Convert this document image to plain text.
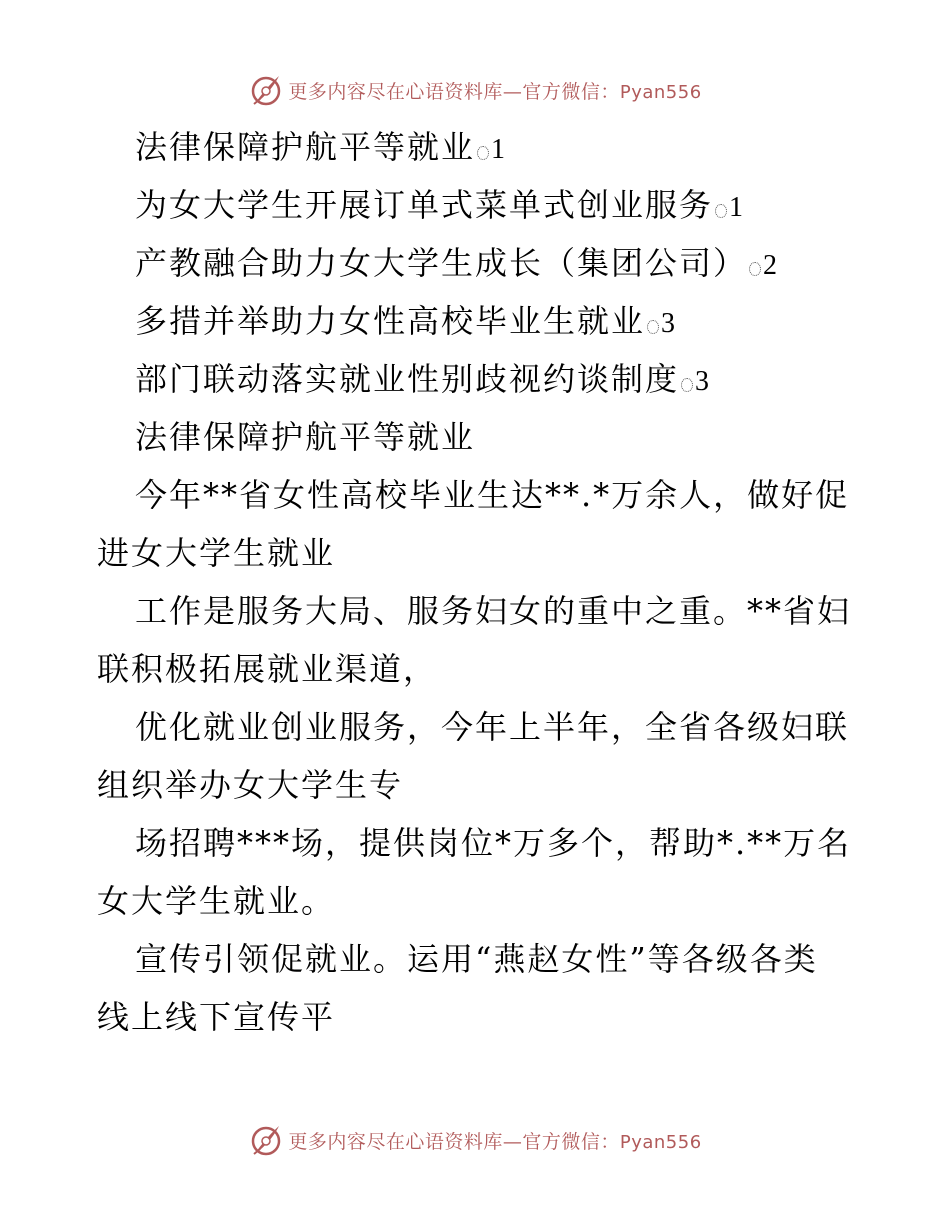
更多内容尽在心语资料库—官方微信：Pyan556
法律保障护航平等就业 1
为女大学生开展订单式菜单式创业服务 1
产教融合助力女大学生成长（集团公司） 2
多措并举助力女性高校毕业生就业 3
部门联动落实就业性别歧视约谈制度 3
法律保障护航平等就业
今年**省女性高校毕业生达**.*万余人，做好促
进女大学生就业
工作是服务大局、服务妇女的重中之重。**省妇
联积极拓展就业渠道，
优化就业创业服务，今年上半年，全省各级妇联
组织举办女大学生专
场招聘***场，提供岗位*万多个，帮助*.**万名
女大学生就业。
宣传引领促就业。运用“燕赵女性”等各级各类
线上线下宣传平
更多内容尽在心语资料库—官方微信：Pyan556
